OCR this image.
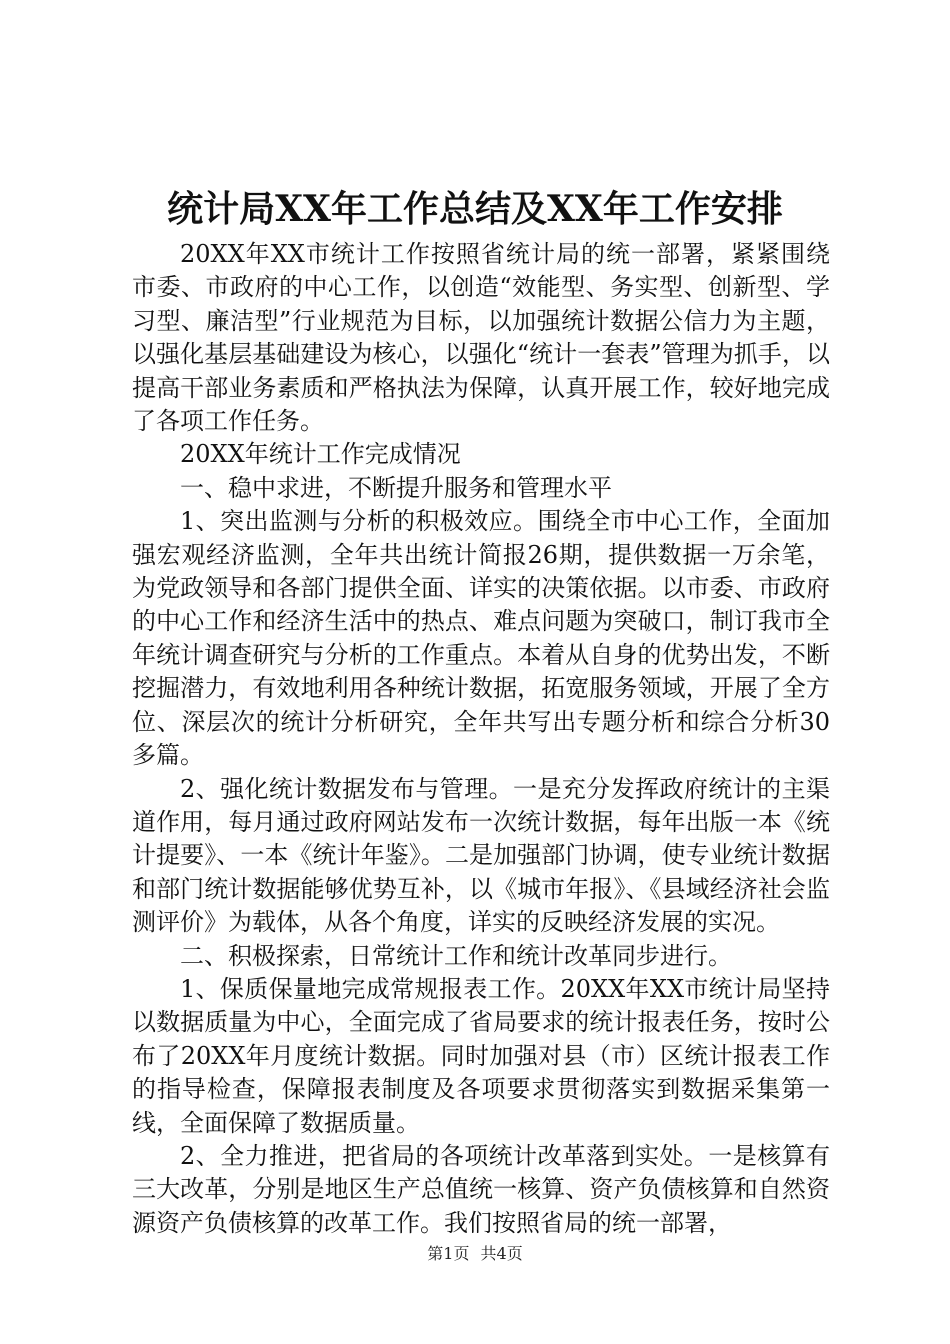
统计局XX年工作总结及XX年工作安排

20XX年XX市统计工作按照省统计局的统一部署，紧紧围绕市委、市政府的中心工作，以创造“效能型、务实型、创新型、学习型、廉洁型”行业规范为目标，以加强统计数据公信力为主题，以强化基层基础建设为核心，以强化“统计一套表”管理为抓手，以提高干部业务素质和严格执法为保障，认真开展工作，较好地完成了各项工作任务。

20XX年统计工作完成情况

一、稳中求进，不断提升服务和管理水平

1、突出监测与分析的积极效应。围绕全市中心工作，全面加强宏观经济监测，全年共出统计简报26期，提供数据一万余笔，为党政领导和各部门提供全面、详实的决策依据。以市委、市政府的中心工作和经济生活中的热点、难点问题为突破口，制订我市全年统计调查研究与分析的工作重点。本着从自身的优势出发，不断挖掘潜力，有效地利用各种统计数据，拓宽服务领域，开展了全方位、深层次的统计分析研究，全年共写出专题分析和综合分析30多篇。

2、强化统计数据发布与管理。一是充分发挥政府统计的主渠道作用，每月通过政府网站发布一次统计数据，每年出版一本《统计提要》、一本《统计年鉴》。二是加强部门协调，使专业统计数据和部门统计数据能够优势互补，以《城市年报》、《县域经济社会监测评价》为载体，从各个角度，详实的反映经济发展的实况。

二、积极探索，日常统计工作和统计改革同步进行。

1、保质保量地完成常规报表工作。20XX年XX市统计局坚持以数据质量为中心，全面完成了省局要求的统计报表任务，按时公布了20XX年月度统计数据。同时加强对县（市）区统计报表工作的指导检查，保障报表制度及各项要求贯彻落实到数据采集第一线，全面保障了数据质量。

2、全力推进，把省局的各项统计改革落到实处。一是核算有三大改革，分别是地区生产总值统一核算、资产负债核算和自然资源资产负债核算的改革工作。我们按照省局的统一部署，

第1页 共4页
